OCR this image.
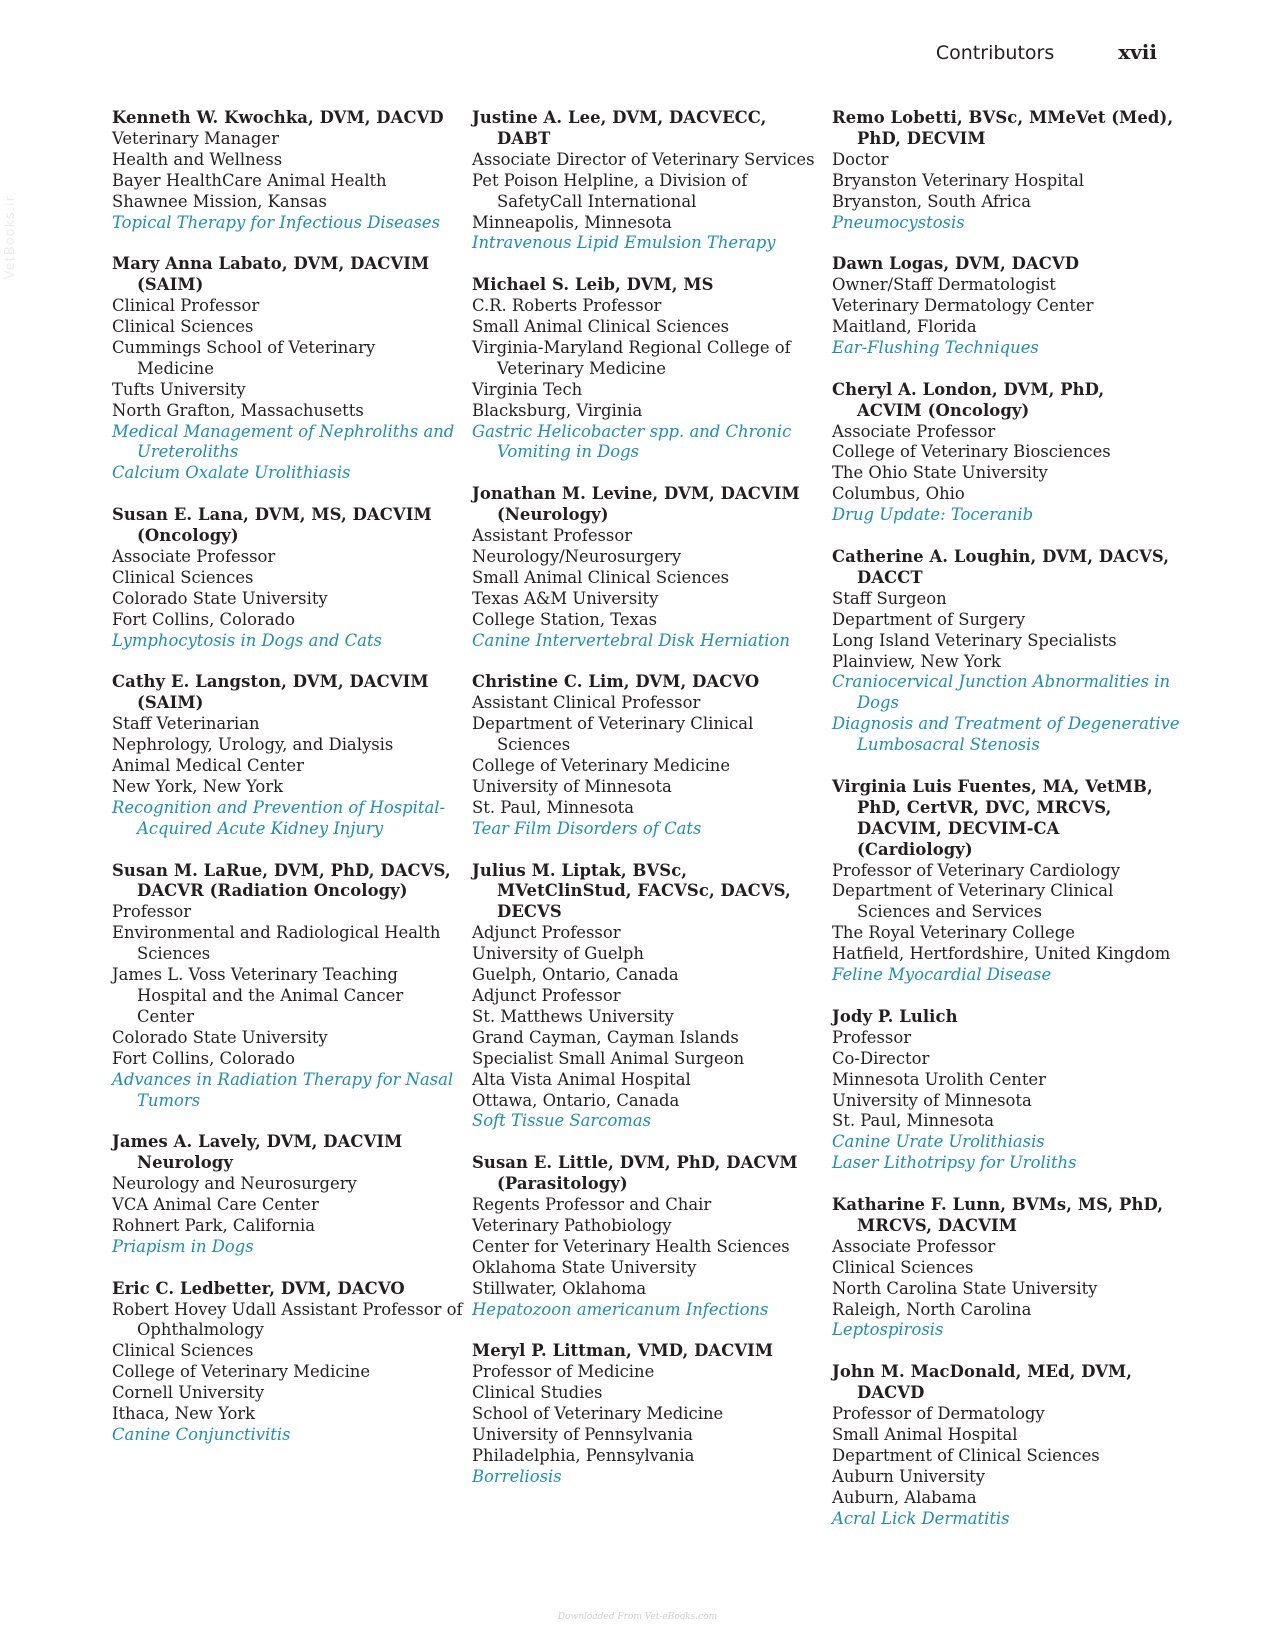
VetBooks.ir
Contributors	xvii
Kenneth W. Kwochka, DVM, DACVD
Veterinary Manager
Health and Wellness
Bayer HealthCare Animal Health
Shawnee Mission, Kansas
Topical Therapy for Infectious Diseases
Mary Anna Labato, DVM, DACVIM
(SAIM)
Clinical Professor
Clinical Sciences
Cummings School of Veterinary
Medicine
Tufts University
North Grafton, Massachusetts
Medical Management of Nephroliths and
Ureteroliths
Calcium Oxalate Urolithiasis
Susan E. Lana, DVM, MS, DACVIM
(Oncology)
Associate Professor
Clinical Sciences
Colorado State University
Fort Collins, Colorado
Lymphocytosis in Dogs and Cats
Cathy E. Langston, DVM, DACVIM
(SAIM)
Staff Veterinarian
Nephrology, Urology, and Dialysis
Animal Medical Center
New York, New York
Recognition and Prevention of Hospital-
Acquired Acute Kidney Injury
Susan M. LaRue, DVM, PhD, DACVS,
DACVR (Radiation Oncology)
Professor
Environmental and Radiological Health
Sciences
James L. Voss Veterinary Teaching
Hospital and the Animal Cancer
Center
Colorado State University
Fort Collins, Colorado
Advances in Radiation Therapy for Nasal
Tumors
James A. Lavely, DVM, DACVIM
Neurology
Neurology and Neurosurgery
VCA Animal Care Center
Rohnert Park, California
Priapism in Dogs
Eric C. Ledbetter, DVM, DACVO
Robert Hovey Udall Assistant Professor of
Ophthalmology
Clinical Sciences
College of Veterinary Medicine
Cornell University
Ithaca, New York
Canine Conjunctivitis
Justine A. Lee, DVM, DACVECC,
DABT
Associate Director of Veterinary Services
Pet Poison Helpline, a Division of
SafetyCall International
Minneapolis, Minnesota
Intravenous Lipid Emulsion Therapy
Michael S. Leib, DVM, MS
C.R. Roberts Professor
Small Animal Clinical Sciences
Virginia-Maryland Regional College of
Veterinary Medicine
Virginia Tech
Blacksburg, Virginia
Gastric Helicobacter spp. and Chronic
Vomiting in Dogs
Jonathan M. Levine, DVM, DACVIM
(Neurology)
Assistant Professor
Neurology/Neurosurgery
Small Animal Clinical Sciences
Texas A&M University
College Station, Texas
Canine Intervertebral Disk Herniation
Christine C. Lim, DVM, DACVO
Assistant Clinical Professor
Department of Veterinary Clinical
Sciences
College of Veterinary Medicine
University of Minnesota
St. Paul, Minnesota
Tear Film Disorders of Cats
Julius M. Liptak, BVSc,
MVetClinStud, FACVSc, DACVS,
DECVS
Adjunct Professor
University of Guelph
Guelph, Ontario, Canada
Adjunct Professor
St. Matthews University
Grand Cayman, Cayman Islands
Specialist Small Animal Surgeon
Alta Vista Animal Hospital
Ottawa, Ontario, Canada
Soft Tissue Sarcomas
Susan E. Little, DVM, PhD, DACVM
(Parasitology)
Regents Professor and Chair
Veterinary Pathobiology
Center for Veterinary Health Sciences
Oklahoma State University
Stillwater, Oklahoma
Hepatozoon americanum Infections
Meryl P. Littman, VMD, DACVIM
Professor of Medicine
Clinical Studies
School of Veterinary Medicine
University of Pennsylvania
Philadelphia, Pennsylvania
Borreliosis
Remo Lobetti, BVSc, MMeVet (Med),
PhD, DECVIM
Doctor
Bryanston Veterinary Hospital
Bryanston, South Africa
Pneumocystosis
Dawn Logas, DVM, DACVD
Owner/Staff Dermatologist
Veterinary Dermatology Center
Maitland, Florida
Ear-Flushing Techniques
Cheryl A. London, DVM, PhD,
ACVIM (Oncology)
Associate Professor
College of Veterinary Biosciences
The Ohio State University
Columbus, Ohio
Drug Update: Toceranib
Catherine A. Loughin, DVM, DACVS,
DACCT
Staff Surgeon
Department of Surgery
Long Island Veterinary Specialists
Plainview, New York
Craniocervical Junction Abnormalities in
Dogs
Diagnosis and Treatment of Degenerative
Lumbosacral Stenosis
Virginia Luis Fuentes, MA, VetMB,
PhD, CertVR, DVC, MRCVS,
DACVIM, DECVIM-CA
(Cardiology)
Professor of Veterinary Cardiology
Department of Veterinary Clinical
Sciences and Services
The Royal Veterinary College
Hatfield, Hertfordshire, United Kingdom
Feline Myocardial Disease
Jody P. Lulich
Professor
Co-Director
Minnesota Urolith Center
University of Minnesota
St. Paul, Minnesota
Canine Urate Urolithiasis
Laser Lithotripsy for Uroliths
Katharine F. Lunn, BVMs, MS, PhD,
MRCVS, DACVIM
Associate Professor
Clinical Sciences
North Carolina State University
Raleigh, North Carolina
Leptospirosis
John M. MacDonald, MEd, DVM,
DACVD
Professor of Dermatology
Small Animal Hospital
Department of Clinical Sciences
Auburn University
Auburn, Alabama
Acral Lick Dermatitis
Downloaded From Vet-eBooks.com
